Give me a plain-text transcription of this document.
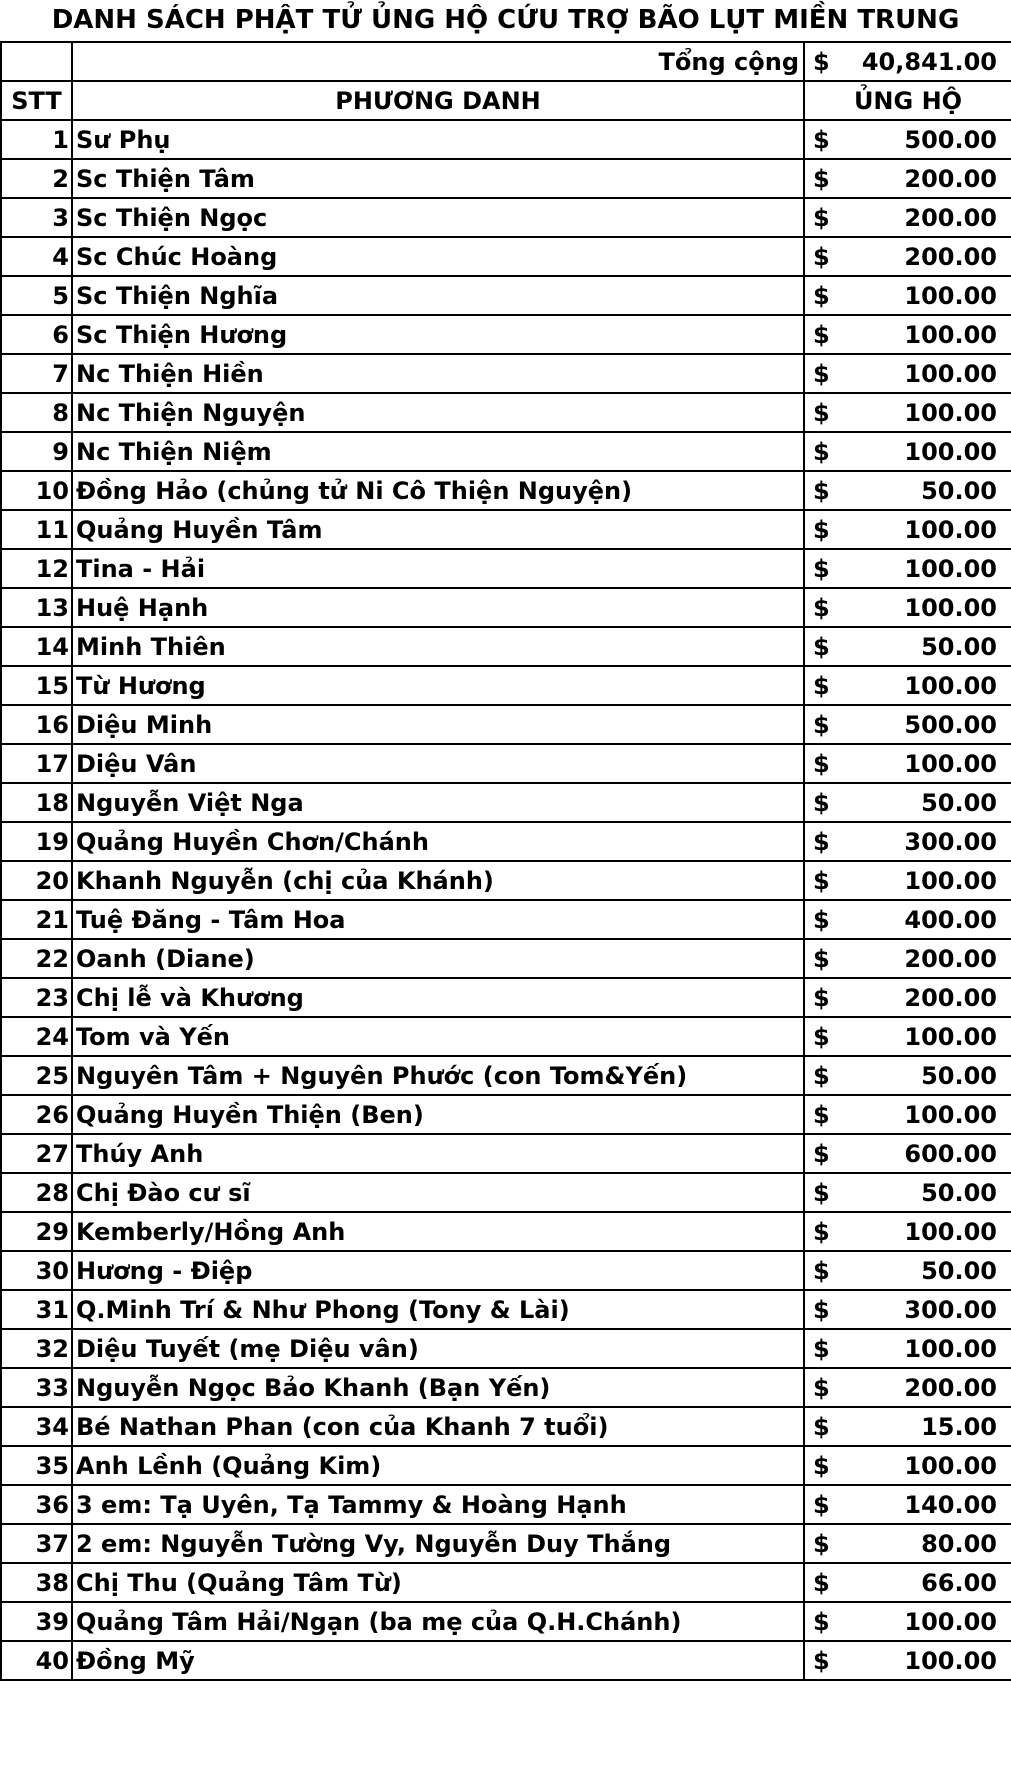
DANH SÁCH PHẬT TỬ ỦNG HỘ CỨU TRỢ BÃO LỤT MIỀN TRUNG
	Tổng cộng	$ 40,841.00

STT	PHƯƠNG DANH	ỦNG HỘ
1	Sư Phụ	$ 500.00

2	Sc Thiện Tâm	$ 200.00

3	Sc Thiện Ngọc	$ 200.00

4	Sc Chúc Hoàng	$ 200.00

5	Sc Thiện Nghĩa	$ 100.00

6	Sc Thiện Hương	$ 100.00

7	Nc Thiện Hiền	$ 100.00

8	Nc Thiện Nguyện	$ 100.00

9	Nc Thiện Niệm	$ 100.00

10	Đồng Hảo (chủng tử Ni Cô Thiện Nguyện)	$ 50.00

11	Quảng Huyền Tâm	$ 100.00

12	Tina - Hải	$ 100.00

13	Huệ Hạnh	$ 100.00

14	Minh Thiên	$ 50.00

15	Từ Hương	$ 100.00

16	Diệu Minh	$ 500.00

17	Diệu Vân	$ 100.00

18	Nguyễn Việt Nga	$ 50.00

19	Quảng Huyền Chơn/Chánh	$ 300.00

20	Khanh Nguyễn (chị của Khánh)	$ 100.00

21	Tuệ Đăng - Tâm Hoa	$ 400.00

22	Oanh (Diane)	$ 200.00

23	Chị lễ và Khương	$ 200.00

24	Tom và Yến	$ 100.00

25	Nguyên Tâm + Nguyên Phước (con Tom&Yến)	$ 50.00

26	Quảng Huyền Thiện (Ben)	$ 100.00

27	Thúy Anh	$ 600.00

28	Chị Đào cư sĩ	$ 50.00

29	Kemberly/Hồng Anh	$ 100.00

30	Hương - Điệp	$ 50.00

31	Q.Minh Trí & Như Phong (Tony & Lài)	$ 300.00

32	Diệu Tuyết (mẹ Diệu vân)	$ 100.00

33	Nguyễn Ngọc Bảo Khanh (Bạn Yến)	$ 200.00

34	Bé Nathan Phan (con của Khanh 7 tuổi)	$ 15.00

35	Anh Lềnh (Quảng Kim)	$ 100.00

36	3 em: Tạ Uyên, Tạ Tammy & Hoàng Hạnh	$ 140.00

37	2 em: Nguyễn Tường Vy, Nguyễn Duy Thắng	$ 80.00

38	Chị Thu (Quảng Tâm Từ)	$ 66.00

39	Quảng Tâm Hải/Ngạn (ba mẹ của Q.H.Chánh)	$ 100.00

40	Đồng Mỹ	$ 100.00
